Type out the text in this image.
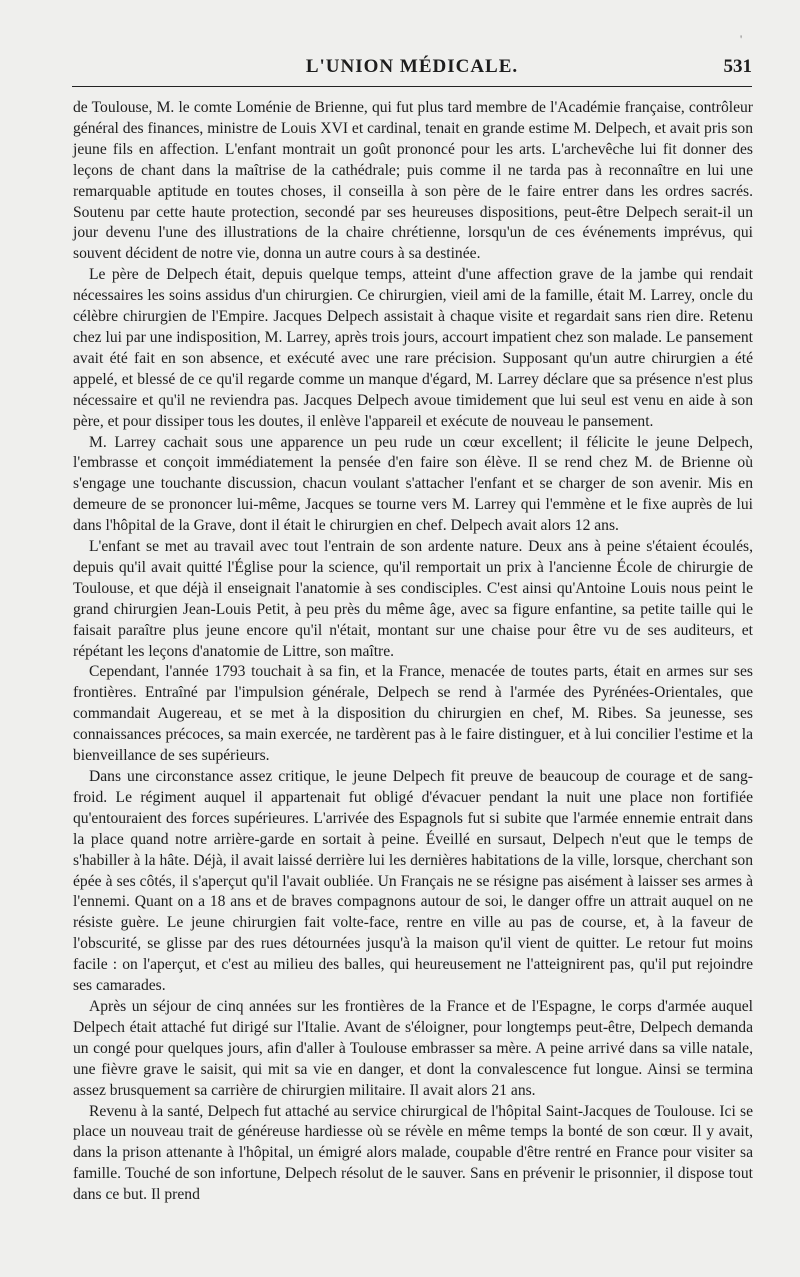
'
L'UNION MÉDICALE.	531

de Toulouse, M. le comte Loménie de Brienne, qui fut plus tard membre de l'Académie française, contrôleur général des finances, ministre de Louis XVI et cardinal, tenait en grande estime M. Delpech, et avait pris son jeune fils en affection. L'enfant montrait un goût prononcé pour les arts. L'archevêche lui fit donner des leçons de chant dans la maîtrise de la cathédrale; puis comme il ne tarda pas à reconnaître en lui une remarquable aptitude en toutes choses, il conseilla à son père de le faire entrer dans les ordres sacrés. Soutenu par cette haute protection, secondé par ses heureuses dispositions, peut-être Delpech serait-il un jour devenu l'une des illustrations de la chaire chrétienne, lorsqu'un de ces événements imprévus, qui souvent décident de notre vie, donna un autre cours à sa destinée.

Le père de Delpech était, depuis quelque temps, atteint d'une affection grave de la jambe qui rendait nécessaires les soins assidus d'un chirurgien. Ce chirurgien, vieil ami de la famille, était M. Larrey, oncle du célèbre chirurgien de l'Empire. Jacques Delpech assistait à chaque visite et regardait sans rien dire. Retenu chez lui par une indisposition, M. Larrey, après trois jours, accourt impatient chez son malade. Le pansement avait été fait en son absence, et exécuté avec une rare précision. Supposant qu'un autre chirurgien a été appelé, et blessé de ce qu'il regarde comme un manque d'égard, M. Larrey déclare que sa présence n'est plus nécessaire et qu'il ne reviendra pas. Jacques Delpech avoue timidement que lui seul est venu en aide à son père, et pour dissiper tous les doutes, il enlève l'appareil et exécute de nouveau le pansement.

M. Larrey cachait sous une apparence un peu rude un cœur excellent; il félicite le jeune Delpech, l'embrasse et conçoit immédiatement la pensée d'en faire son élève. Il se rend chez M. de Brienne où s'engage une touchante discussion, chacun voulant s'attacher l'enfant et se charger de son avenir. Mis en demeure de se prononcer lui-même, Jacques se tourne vers M. Larrey qui l'emmène et le fixe auprès de lui dans l'hôpital de la Grave, dont il était le chirurgien en chef. Delpech avait alors 12 ans.

L'enfant se met au travail avec tout l'entrain de son ardente nature. Deux ans à peine s'étaient écoulés, depuis qu'il avait quitté l'Église pour la science, qu'il remportait un prix à l'ancienne École de chirurgie de Toulouse, et que déjà il enseignait l'anatomie à ses condisciples. C'est ainsi qu'Antoine Louis nous peint le grand chirurgien Jean-Louis Petit, à peu près du même âge, avec sa figure enfantine, sa petite taille qui le faisait paraître plus jeune encore qu'il n'était, montant sur une chaise pour être vu de ses auditeurs, et répétant les leçons d'anatomie de Littre, son maître.

Cependant, l'année 1793 touchait à sa fin, et la France, menacée de toutes parts, était en armes sur ses frontières. Entraîné par l'impulsion générale, Delpech se rend à l'armée des Pyrénées-Orientales, que commandait Augereau, et se met à la disposition du chirurgien en chef, M. Ribes. Sa jeunesse, ses connaissances précoces, sa main exercée, ne tardèrent pas à le faire distinguer, et à lui concilier l'estime et la bienveillance de ses supérieurs.

Dans une circonstance assez critique, le jeune Delpech fit preuve de beaucoup de courage et de sang-froid. Le régiment auquel il appartenait fut obligé d'évacuer pendant la nuit une place non fortifiée qu'entouraient des forces supérieures. L'arrivée des Espagnols fut si subite que l'armée ennemie entrait dans la place quand notre arrière-garde en sortait à peine. Éveillé en sursaut, Delpech n'eut que le temps de s'habiller à la hâte. Déjà, il avait laissé derrière lui les dernières habitations de la ville, lorsque, cherchant son épée à ses côtés, il s'aperçut qu'il l'avait oubliée. Un Français ne se résigne pas aisément à laisser ses armes à l'ennemi. Quant on a 18 ans et de braves compagnons autour de soi, le danger offre un attrait auquel on ne résiste guère. Le jeune chirurgien fait volte-face, rentre en ville au pas de course, et, à la faveur de l'obscurité, se glisse par des rues détournées jusqu'à la maison qu'il vient de quitter. Le retour fut moins facile : on l'aperçut, et c'est au milieu des balles, qui heureusement ne l'atteignirent pas, qu'il put rejoindre ses camarades.

Après un séjour de cinq années sur les frontières de la France et de l'Espagne, le corps d'armée auquel Delpech était attaché fut dirigé sur l'Italie. Avant de s'éloigner, pour longtemps peut-être, Delpech demanda un congé pour quelques jours, afin d'aller à Toulouse embrasser sa mère. A peine arrivé dans sa ville natale, une fièvre grave le saisit, qui mit sa vie en danger, et dont la convalescence fut longue. Ainsi se termina assez brusquement sa carrière de chirurgien militaire. Il avait alors 21 ans.

Revenu à la santé, Delpech fut attaché au service chirurgical de l'hôpital Saint-Jacques de Toulouse. Ici se place un nouveau trait de généreuse hardiesse où se révèle en même temps la bonté de son cœur. Il y avait, dans la prison attenante à l'hôpital, un émigré alors malade, coupable d'être rentré en France pour visiter sa famille. Touché de son infortune, Delpech résolut de le sauver. Sans en prévenir le prisonnier, il dispose tout dans ce but. Il prend
